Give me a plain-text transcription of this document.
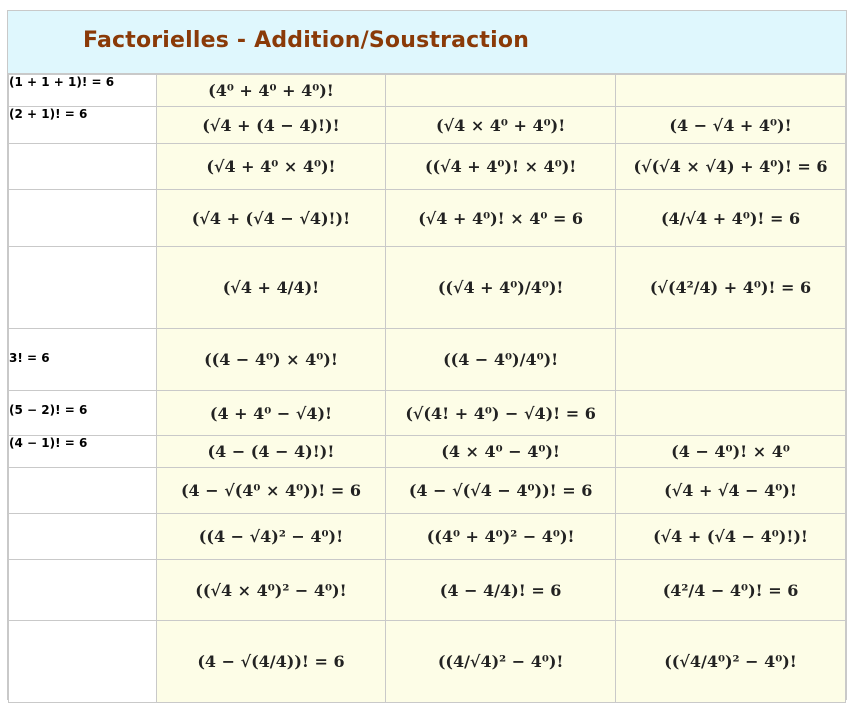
Factorielles - Addition/Soustraction
(1 + 1 + 1)! = 6	(4⁰ + 4⁰ + 4⁰)!		
(2 + 1)! = 6	(√4 + (4 − 4)!)!	(√4 × 4⁰ + 4⁰)!	(4 − √4 + 4⁰)!
	(√4 + 4⁰ × 4⁰)!	((√4 + 4⁰)! × 4⁰)!	(√(√4 × √4) + 4⁰)! = 6
	(√4 + (√4 − √4)!)!	(√4 + 4⁰)! × 4⁰ = 6	(4/√4 + 4⁰)! = 6
	(√4 + 4/4)!	((√4 + 4⁰)/4⁰)!	(√(4²/4) + 4⁰)! = 6
3! = 6	((4 − 4⁰) × 4⁰)!	((4 − 4⁰)/4⁰)!	
(5 − 2)! = 6	(4 + 4⁰ − √4)!	(√(4! + 4⁰) − √4)! = 6	
(4 − 1)! = 6	(4 − (4 − 4)!)!	(4 × 4⁰ − 4⁰)!	(4 − 4⁰)! × 4⁰
	(4 − √(4⁰ × 4⁰))! = 6	(4 − √(√4 − 4⁰))! = 6	(√4 + √4 − 4⁰)!
	((4 − √4)² − 4⁰)!	((4⁰ + 4⁰)² − 4⁰)!	(√4 + (√4 − 4⁰)!)!
	((√4 × 4⁰)² − 4⁰)!	(4 − 4/4)! = 6	(4²/4 − 4⁰)! = 6
	(4 − √(4/4))! = 6	((4/√4)² − 4⁰)!	((√4/4⁰)² − 4⁰)!
